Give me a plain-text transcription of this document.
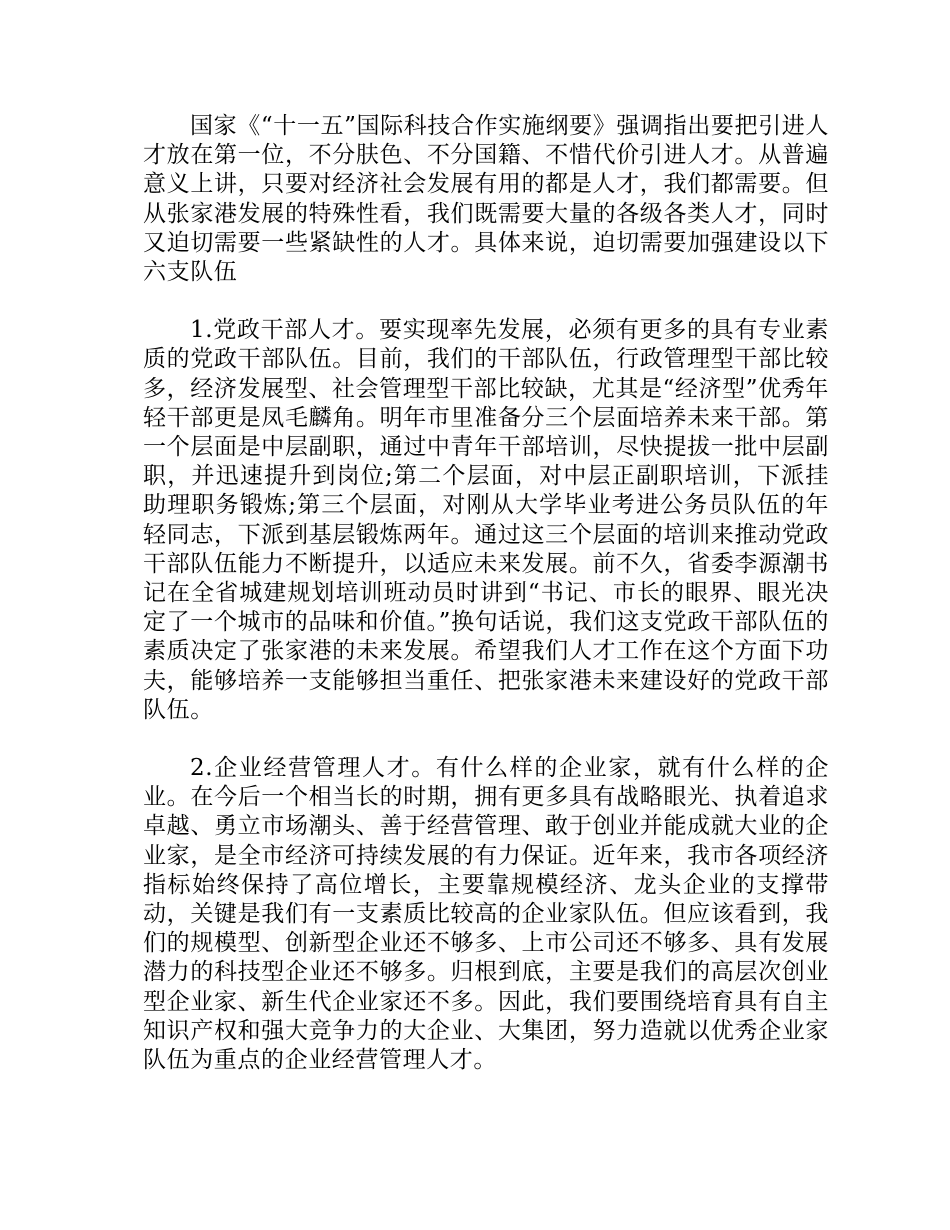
国家《“十一五”国际科技合作实施纲要》强调指出要把引进人才放在第一位，不分肤色、不分国籍、不惜代价引进人才。从普遍意义上讲，只要对经济社会发展有用的都是人才，我们都需要。但从张家港发展的特殊性看，我们既需要大量的各级各类人才，同时又迫切需要一些紧缺性的人才。具体来说，迫切需要加强建设以下六支队伍

1.党政干部人才。要实现率先发展，必须有更多的具有专业素质的党政干部队伍。目前，我们的干部队伍，行政管理型干部比较多，经济发展型、社会管理型干部比较缺，尤其是“经济型”优秀年轻干部更是凤毛麟角。明年市里准备分三个层面培养未来干部。第一个层面是中层副职，通过中青年干部培训，尽快提拔一批中层副职，并迅速提升到岗位;第二个层面，对中层正副职培训，下派挂助理职务锻炼;第三个层面，对刚从大学毕业考进公务员队伍的年轻同志，下派到基层锻炼两年。通过这三个层面的培训来推动党政干部队伍能力不断提升，以适应未来发展。前不久，省委李源潮书记在全省城建规划培训班动员时讲到“书记、市长的眼界、眼光决定了一个城市的品味和价值。”换句话说，我们这支党政干部队伍的素质决定了张家港的未来发展。希望我们人才工作在这个方面下功夫，能够培养一支能够担当重任、把张家港未来建设好的党政干部队伍。

2.企业经营管理人才。有什么样的企业家，就有什么样的企业。在今后一个相当长的时期，拥有更多具有战略眼光、执着追求卓越、勇立市场潮头、善于经营管理、敢于创业并能成就大业的企业家，是全市经济可持续发展的有力保证。近年来，我市各项经济指标始终保持了高位增长，主要靠规模经济、龙头企业的支撑带动，关键是我们有一支素质比较高的企业家队伍。但应该看到，我们的规模型、创新型企业还不够多、上市公司还不够多、具有发展潜力的科技型企业还不够多。归根到底，主要是我们的高层次创业型企业家、新生代企业家还不多。因此，我们要围绕培育具有自主知识产权和强大竞争力的大企业、大集团，努力造就以优秀企业家队伍为重点的企业经营管理人才。
